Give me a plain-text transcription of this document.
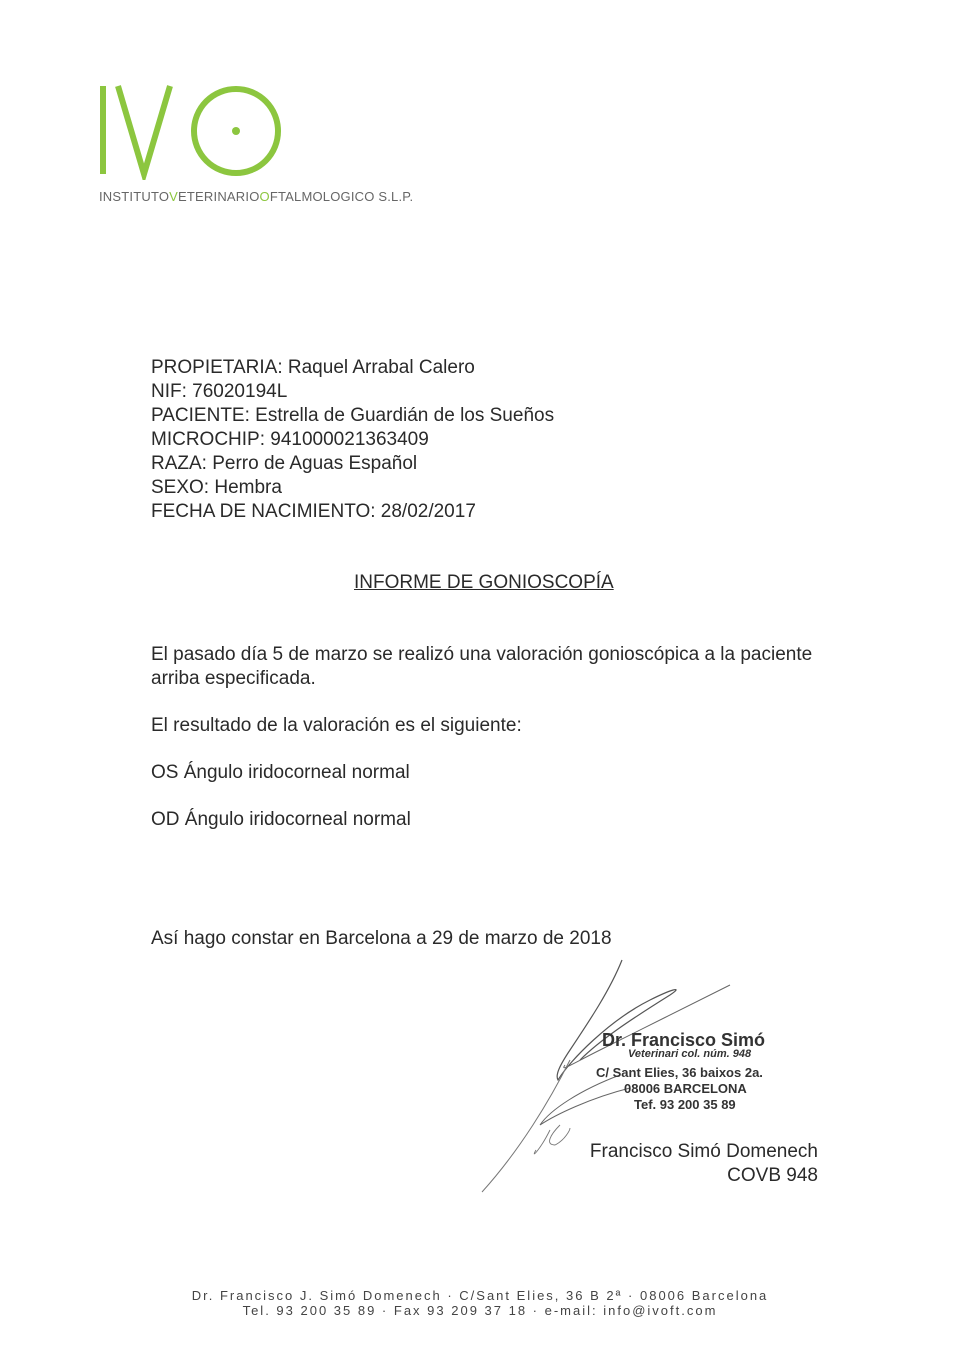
INSTITUTOVETERINARIOOFTALMOLOGICO S.L.P.
PROPIETARIA: Raquel Arrabal Calero
NIF: 76020194L
PACIENTE: Estrella de Guardián de los Sueños
MICROCHIP: 941000021363409
RAZA: Perro de Aguas Español
SEXO: Hembra
FECHA DE NACIMIENTO: 28/02/2017
INFORME DE GONIOSCOPÍA
El pasado día 5 de marzo se realizó una valoración gonioscópica a la paciente arriba especificada.
El resultado de la valoración es el siguiente:
OS Ángulo iridocorneal normal
OD Ángulo iridocorneal normal
Así hago constar en Barcelona a 29 de marzo de 2018
Dr. Francisco Simó
Veterinari col. núm. 948
C/ Sant Elies, 36 baixos 2a.
08006 BARCELONA
Tef. 93 200 35 89
Francisco Simó Domenech
COVB 948
Dr. Francisco J. Simó Domenech · C/Sant Elies, 36 B 2ª · 08006 Barcelona
Tel. 93 200 35 89 · Fax 93 209 37 18 · e-mail: info@ivoft.com
